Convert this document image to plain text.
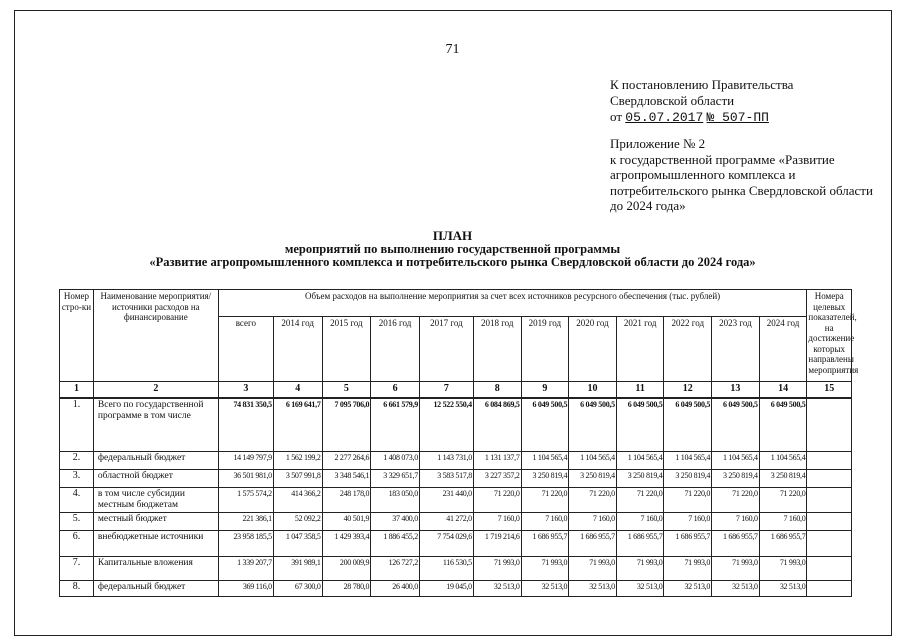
71
К постановлению Правительства
Свердловской области
от 05.07.2017 № 507-ПП
Приложение № 2
к государственной программе «Развитие агропромышленного комплекса и потребительского рынка Свердловской области до 2024 года»
ПЛАН
мероприятий по выполнению государственной программы
«Развитие агропромышленного комплекса и потребительского рынка Свердловской области до 2024 года»
Номер стро-ки	Наименование мероприятия/ источники расходов на финансирование	Объем расходов на выполнение мероприятия за счет всех источников ресурсного обеспечения (тыс. рублей)												Номера целевых показателей, на достижение которых направлены мероприятия
		всего	2014 год	2015 год	2016 год	2017 год	2018 год	2019 год	2020 год	2021 год	2022 год	2023 год	2024 год	
1	2	3	4	5	6	7	8	9	10	11	12	13	14	15
1.	Всего по государственной программе в том числе	74 831 350,5	6 169 641,7	7 095 706,0	6 661 579,9	12 522 550,4	6 084 869,5	6 049 500,5	6 049 500,5	6 049 500,5	6 049 500,5	6 049 500,5	6 049 500,5	
2.	федеральный бюджет	14 149 797,9	1 562 199,2	2 277 264,6	1 408 073,0	1 143 731,0	1 131 137,7	1 104 565,4	1 104 565,4	1 104 565,4	1 104 565,4	1 104 565,4	1 104 565,4	
3.	областной бюджет	36 501 981,0	3 507 991,8	3 348 546,1	3 329 651,7	3 583 517,8	3 227 357,2	3 250 819,4	3 250 819,4	3 250 819,4	3 250 819,4	3 250 819,4	3 250 819,4	
4.	в том числе субсидии местным бюджетам	1 575 574,2	414 366,2	248 178,0	183 050,0	231 440,0	71 220,0	71 220,0	71 220,0	71 220,0	71 220,0	71 220,0	71 220,0	
5.	местный бюджет	221 386,1	52 092,2	40 501,9	37 400,0	41 272,0	7 160,0	7 160,0	7 160,0	7 160,0	7 160,0	7 160,0	7 160,0	
6.	внебюджетные источники	23 958 185,5	1 047 358,5	1 429 393,4	1 886 455,2	7 754 029,6	1 719 214,6	1 686 955,7	1 686 955,7	1 686 955,7	1 686 955,7	1 686 955,7	1 686 955,7	
7.	Капитальные вложения	1 339 207,7	391 989,1	200 009,9	126 727,2	116 530,5	71 993,0	71 993,0	71 993,0	71 993,0	71 993,0	71 993,0	71 993,0	
8.	федеральный бюджет	369 116,0	67 300,0	28 780,0	26 400,0	19 045,0	32 513,0	32 513,0	32 513,0	32 513,0	32 513,0	32 513,0	32 513,0	
